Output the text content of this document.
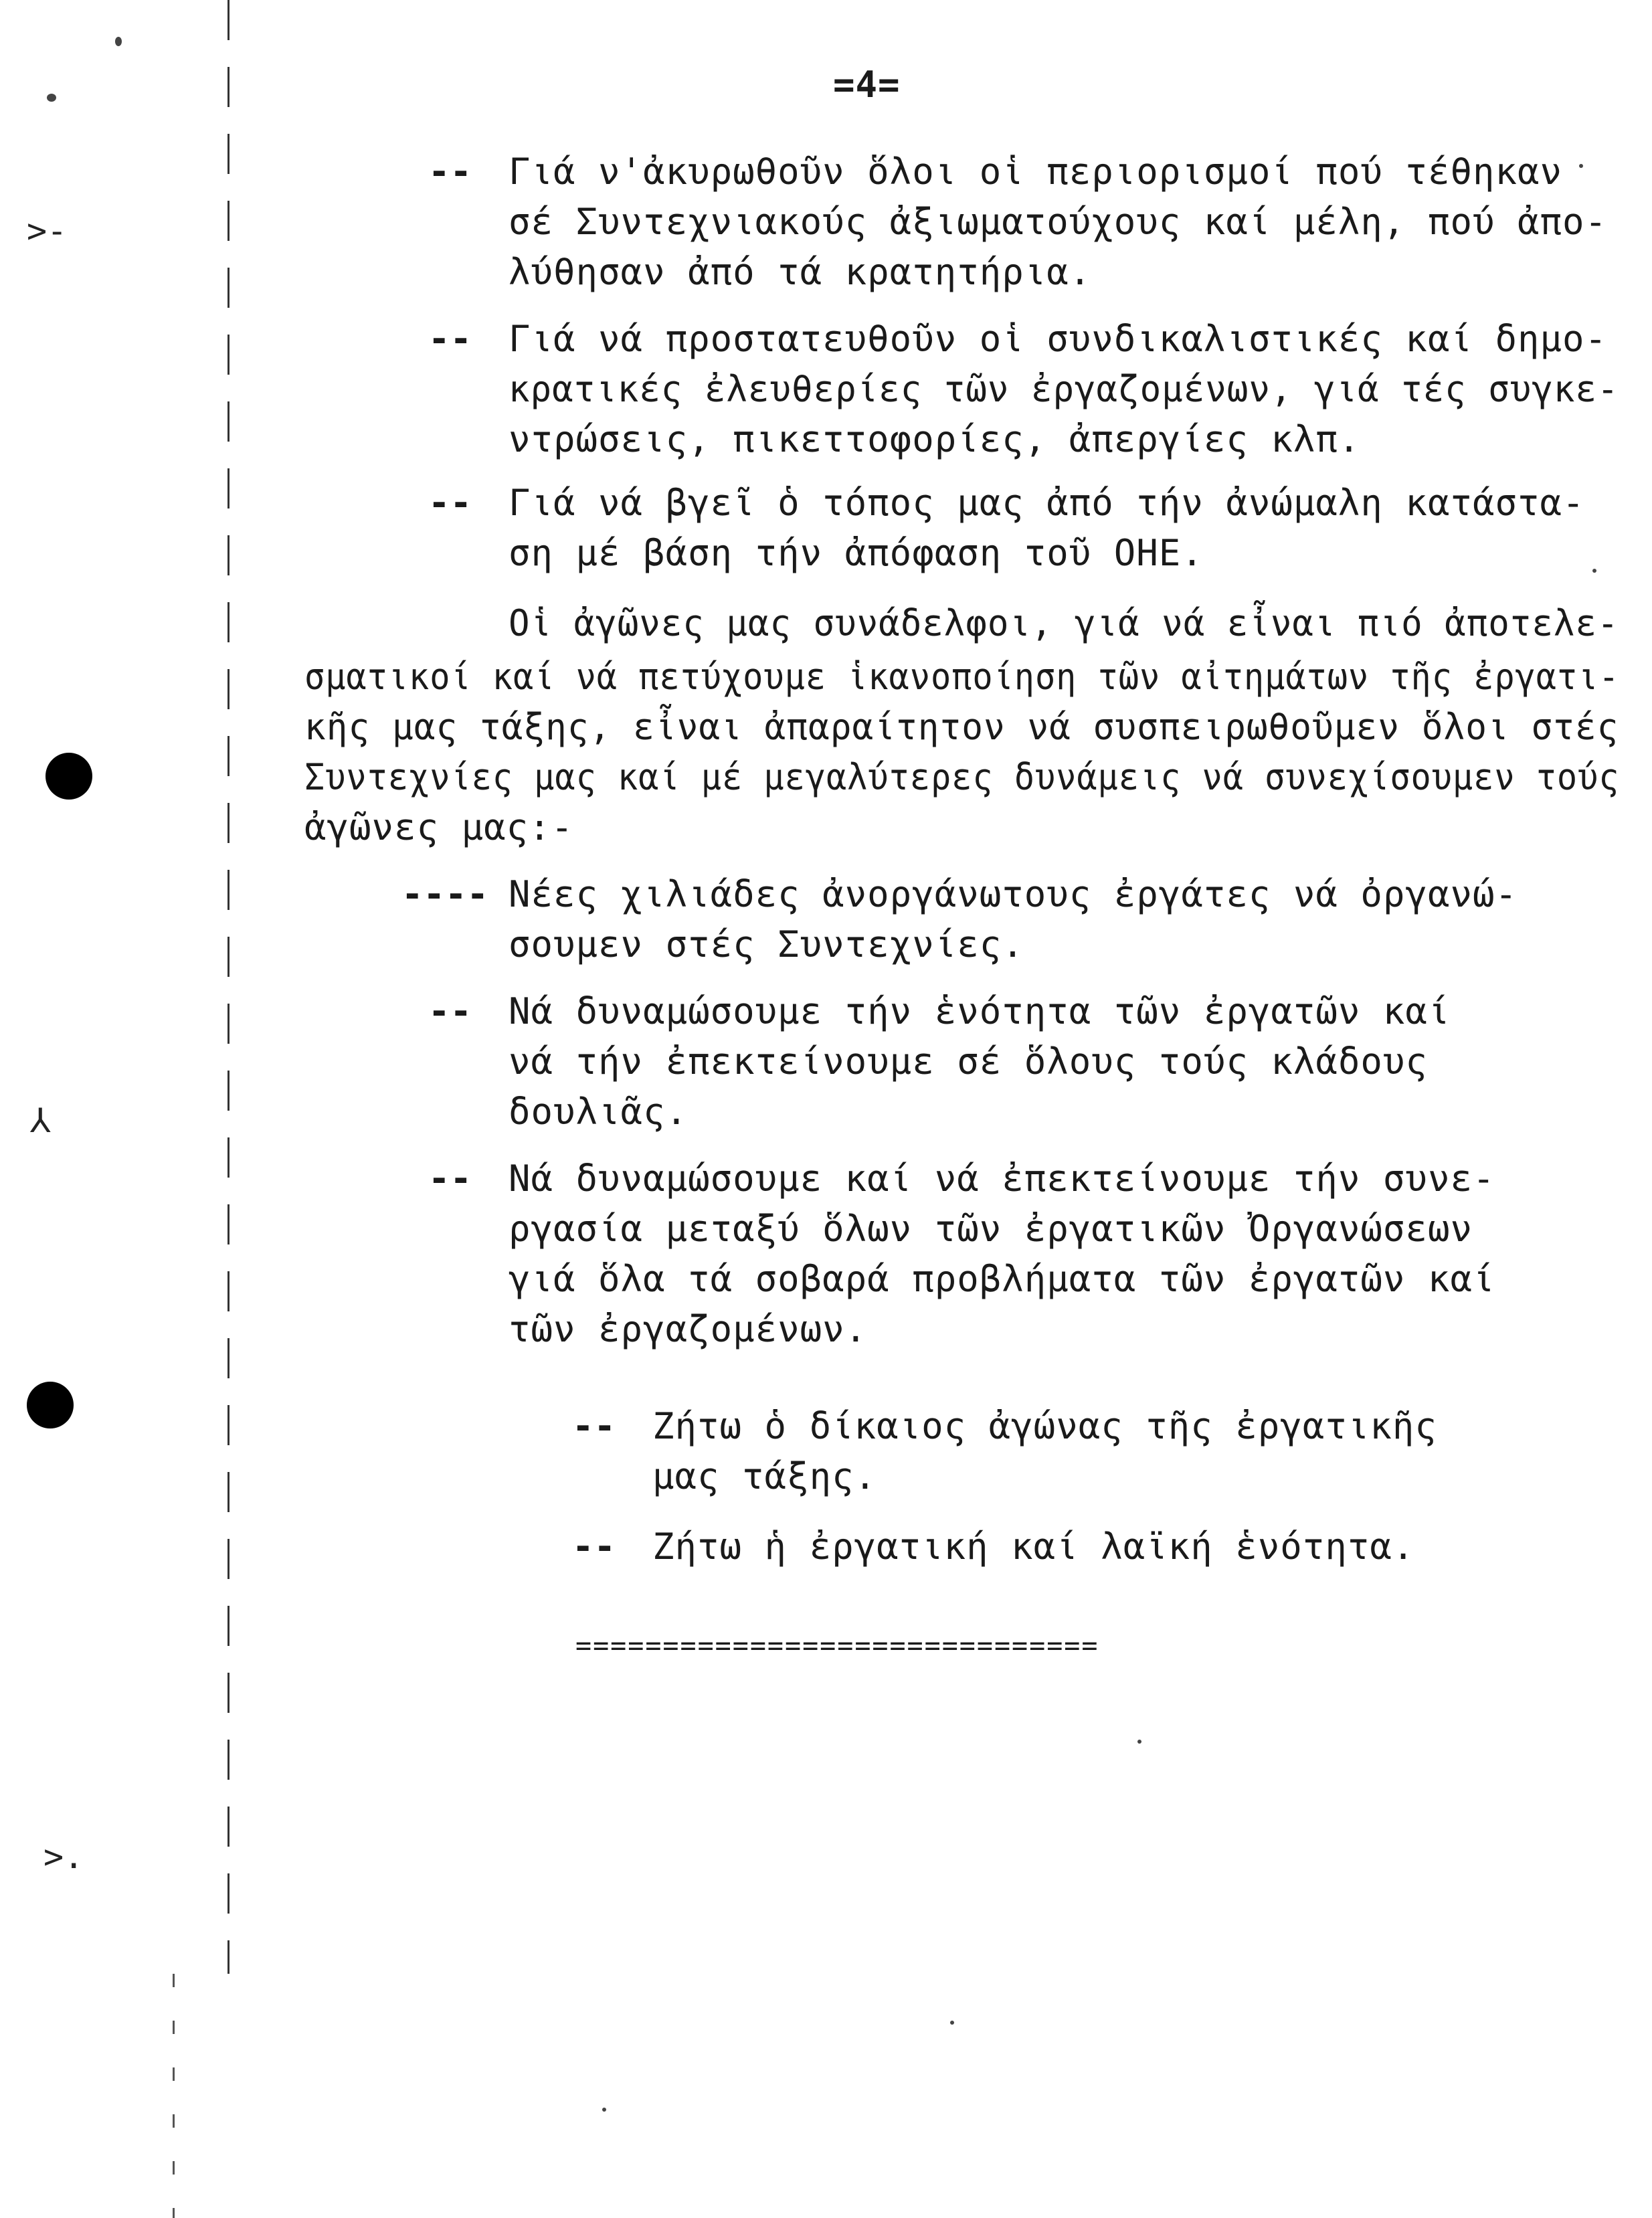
>-
⅄
>.
=4=
-- Γιά ν'ἀκυρωθοῦν ὅλοι οἱ περιορισμοί πού τέθηκαν
σέ Συντεχνιακούς ἀξιωματούχους καί μέλη, πού ἀπο-
λύθησαν ἀπό τά κρατητήρια.
-- Γιά νά προστατευθοῦν οἱ συνδικαλιστικές καί δημο-
κρατικές ἐλευθερίες τῶν ἐργαζομένων, γιά τές συγκε-
ντρώσεις, πικεττοφορίες, ἀπεργίες κλπ.
-- Γιά νά βγεῖ ὁ τόπος μας ἀπό τήν ἀνώμαλη κατάστα-
ση μέ βάση τήν ἀπόφαση τοῦ ΟΗΕ.
Οἱ ἀγῶνες μας συνάδελφοι, γιά νά εἶναι πιό ἀποτελε-
σματικοί καί νά πετύχουμε ἱκανοποίηση τῶν αἰτημάτων τῆς ἐργατι-
κῆς μας τάξης, εἶναι ἀπαραίτητον νά συσπειρωθοῦμεν ὅλοι στές
Συντεχνίες μας καί μέ μεγαλύτερες δυνάμεις νά συνεχίσουμεν τούς
ἀγῶνες μας:-
---- Νέες χιλιάδες ἀνοργάνωτους ἐργάτες νά ὀργανώ-
σουμεν στές Συντεχνίες.
-- Νά δυναμώσουμε τήν ἑνότητα τῶν ἐργατῶν καί
νά τήν ἐπεκτείνουμε σέ ὅλους τούς κλάδους
δουλιᾶς.
-- Νά δυναμώσουμε καί νά ἐπεκτείνουμε τήν συνε-
ργασία μεταξύ ὅλων τῶν ἐργατικῶν Ὀργανώσεων
γιά ὅλα τά σοβαρά προβλήματα τῶν ἐργατῶν καί
τῶν ἐργαζομένων.
-- Ζήτω ὁ δίκαιος ἀγώνας τῆς ἐργατικῆς
μας τάξης.
-- Ζήτω ἡ ἐργατική καί λαϊκή ἑνότητα.
==============================
